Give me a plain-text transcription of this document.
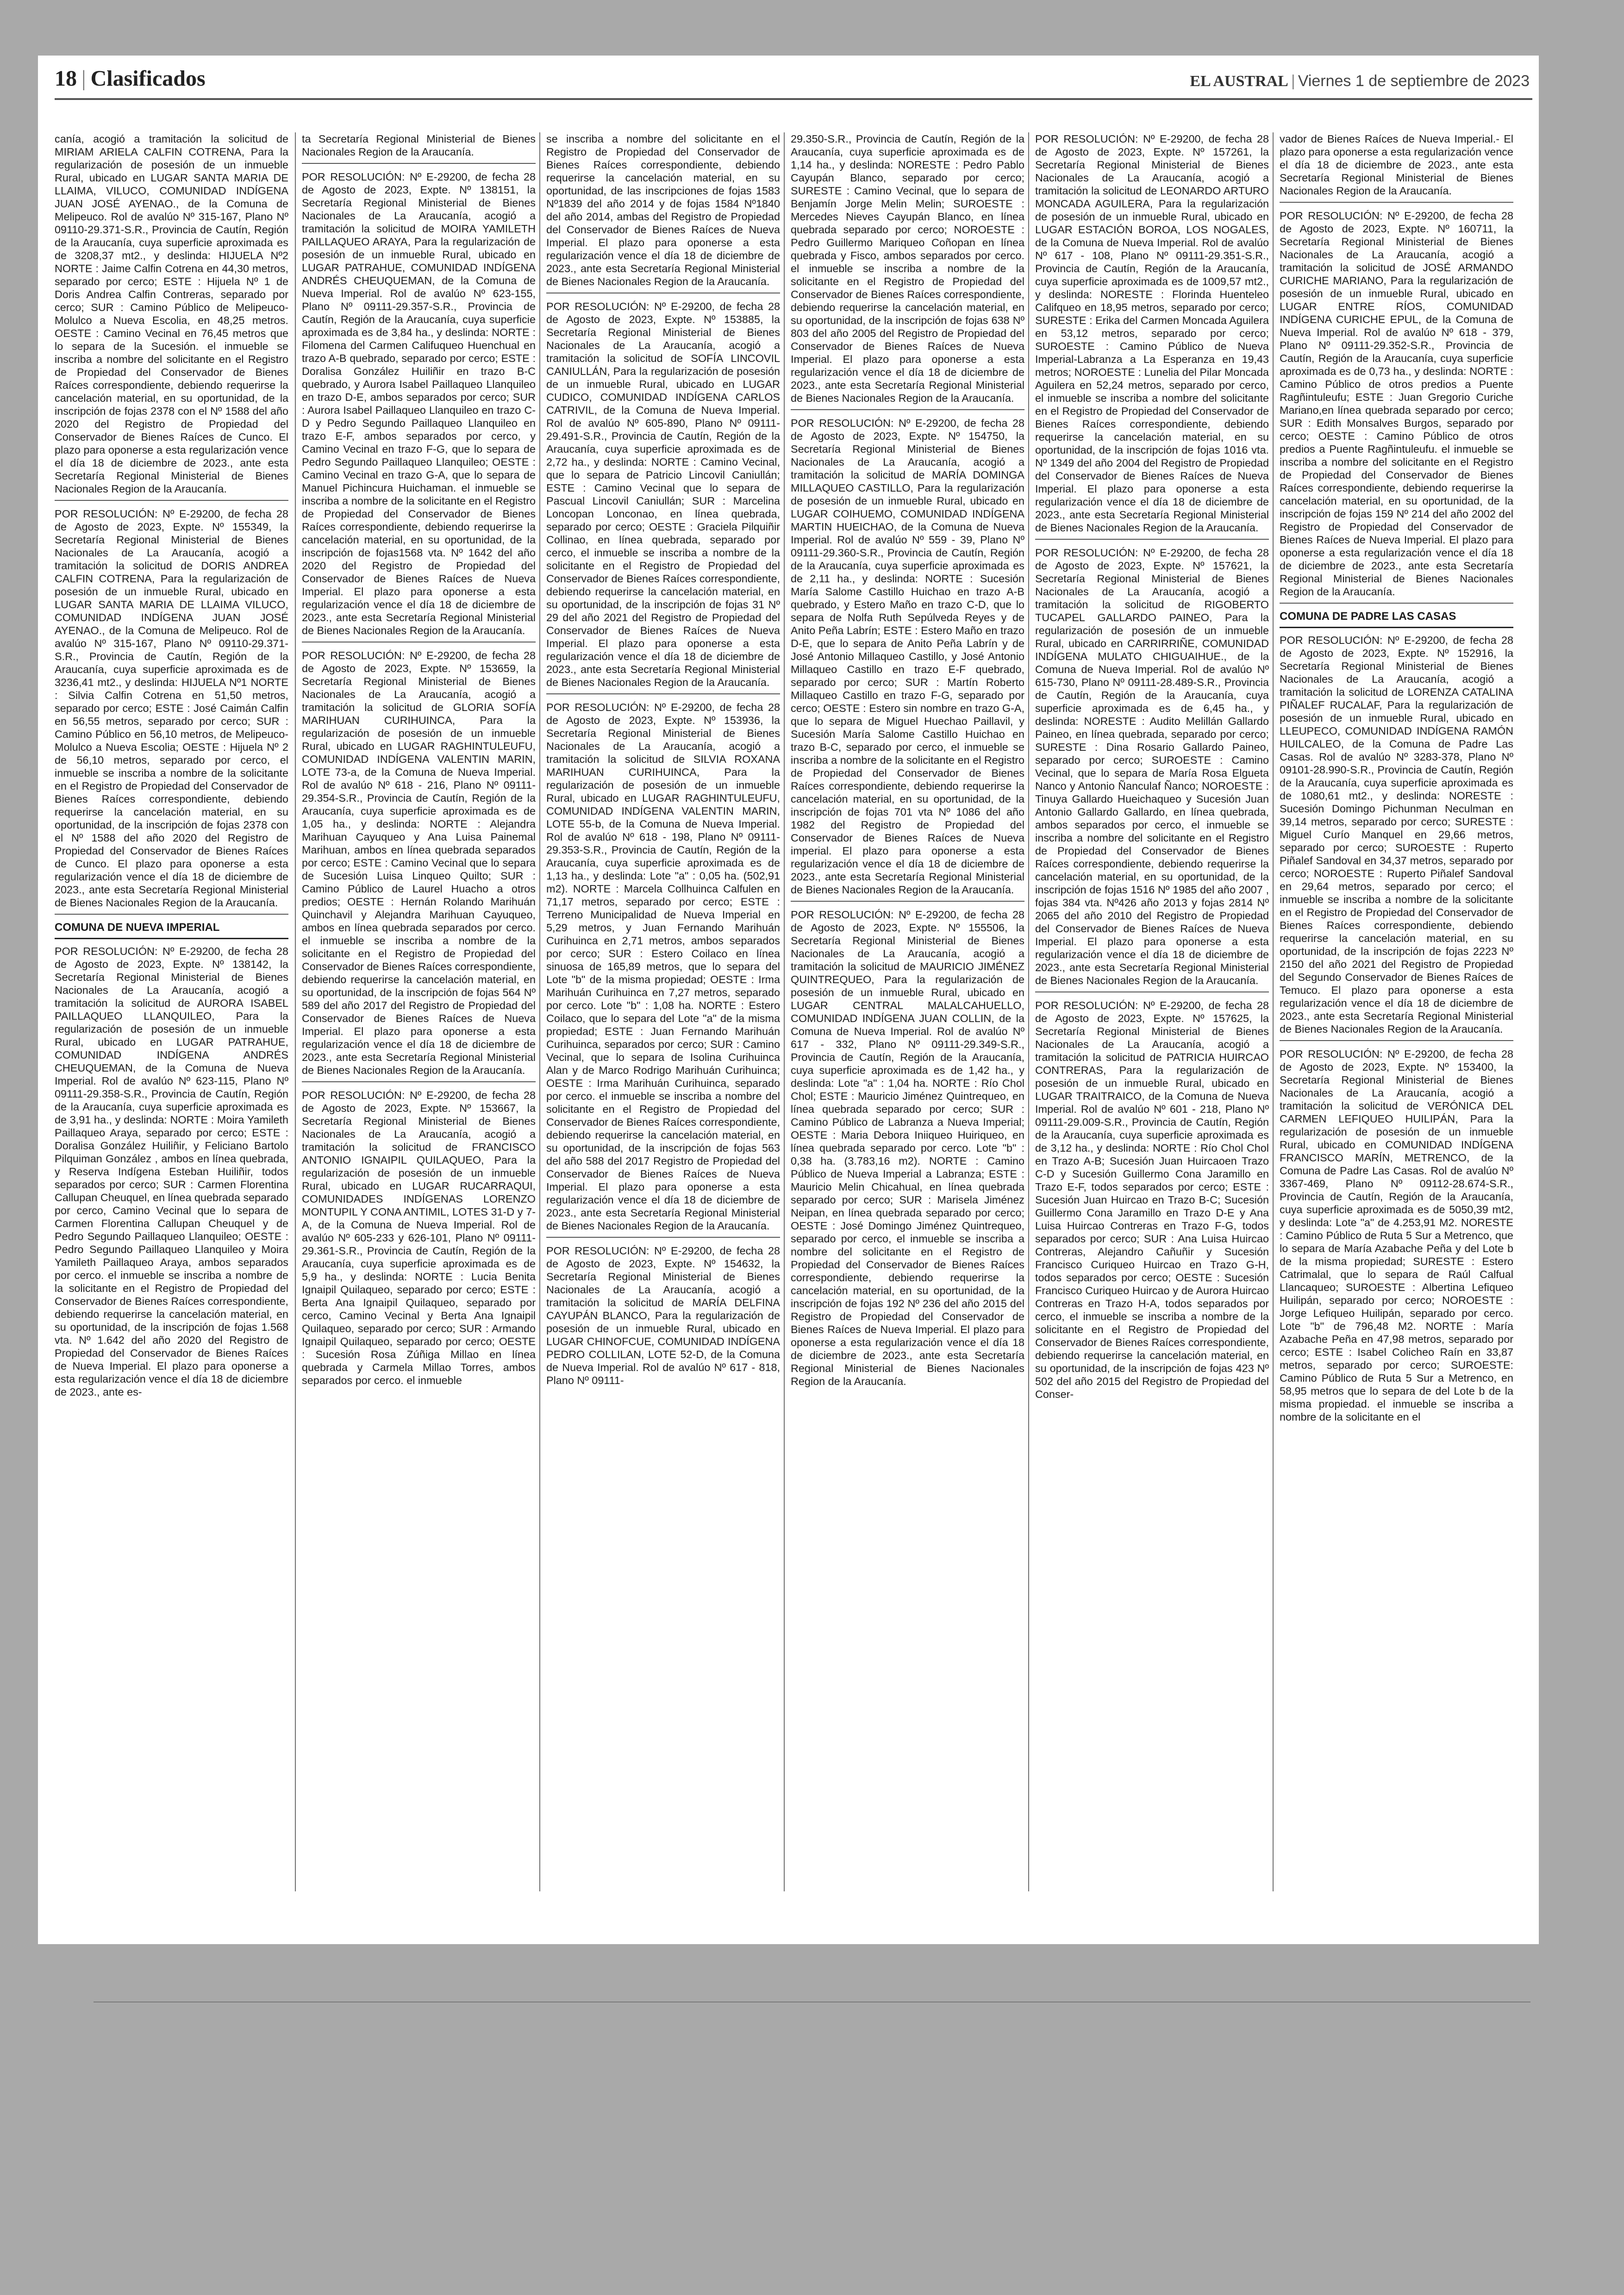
18 | Clasificados	EL AUSTRAL | Viernes 1 de septiembre de 2023
canía, acogió a tramitación la solicitud de MIRIAM ARIELA CALFIN COTRENA, Para la regularización de posesión de un inmueble Rural, ubicado en LUGAR SANTA MARIA DE LLAIMA, VILUCO, COMUNIDAD INDÍGENA JUAN JOSÉ AYENAO., de la Comuna de Melipeuco. Rol de avalúo Nº 315-167, Plano Nº 09110-29.371-S.R., Provincia de Cautín, Región de la Araucanía, cuya superficie aproximada es de 3208,37 mt2., y deslinda: HIJUELA Nº2 NORTE : Jaime Calfin Cotrena en 44,30 metros, separado por cerco; ESTE : Hijuela Nº 1 de Doris Andrea Calfin Contreras, separado por cerco; SUR : Camino Público de Melipeuco-Molulco a Nueva Escolia, en 48,25 metros. OESTE : Camino Vecinal en 76,45 metros que lo separa de la Sucesión. el inmueble se inscriba a nombre del solicitante en el Registro de Propiedad del Conservador de Bienes Raíces correspondiente, debiendo requerirse la cancelación material, en su oportunidad, de la inscripción de fojas 2378 con el Nº 1588 del año 2020 del Registro de Propiedad del Conservador de Bienes Raíces de Cunco. El plazo para oponerse a esta regularización vence el día 18 de diciembre de 2023., ante esta Secretaría Regional Ministerial de Bienes Nacionales Region de la Araucanía.
POR RESOLUCIÓN: Nº E-29200, de fecha 28 de Agosto de 2023, Expte. Nº 155349, la Secretaría Regional Ministerial de Bienes Nacionales de La Araucanía, acogió a tramitación la solicitud de DORIS ANDREA CALFIN COTRENA, Para la regularización de posesión de un inmueble Rural, ubicado en LUGAR SANTA MARIA DE LLAIMA VILUCO, COMUNIDAD INDÍGENA JUAN JOSÉ AYENAO., de la Comuna de Melipeuco. Rol de avalúo Nº 315-167, Plano Nº 09110-29.371-S.R., Provincia de Cautín, Región de la Araucanía, cuya superficie aproximada es de 3236,41 mt2., y deslinda: HIJUELA Nº1 NORTE : Silvia Calfin Cotrena en 51,50 metros, separado por cerco; ESTE : José Caimán Calfin en 56,55 metros, separado por cerco; SUR : Camino Público en 56,10 metros, de Melipeuco-Molulco a Nueva Escolia; OESTE : Hijuela Nº 2 de 56,10 metros, separado por cerco, el inmueble se inscriba a nombre de la solicitante en el Registro de Propiedad del Conservador de Bienes Raíces correspondiente, debiendo requerirse la cancelación material, en su oportunidad, de la inscripción de fojas 2378 con el Nº 1588 del año 2020 del Registro de Propiedad del Conservador de Bienes Raíces de Cunco. El plazo para oponerse a esta regularización vence el día 18 de diciembre de 2023., ante esta Secretaría Regional Ministerial de Bienes Nacionales Region de la Araucanía.
COMUNA DE NUEVA IMPERIAL
POR RESOLUCIÓN: Nº E-29200, de fecha 28 de Agosto de 2023, Expte. Nº 138142, la Secretaría Regional Ministerial de Bienes Nacionales de La Araucanía, acogió a tramitación la solicitud de AURORA ISABEL PAILLAQUEO LLANQUILEO, Para la regularización de posesión de un inmueble Rural, ubicado en LUGAR PATRAHUE, COMUNIDAD INDÍGENA ANDRÉS CHEUQUEMAN, de la Comuna de Nueva Imperial. Rol de avalúo Nº 623-115, Plano Nº 09111-29.358-S.R., Provincia de Cautín, Región de la Araucanía, cuya superficie aproximada es de 3,91 ha., y deslinda: NORTE : Moira Yamileth Paillaqueo Araya, separado por cerco; ESTE : Doralisa González Huiliñir, y Feliciano Bartolo Pilquiman González , ambos en línea quebrada, y Reserva Indígena Esteban Huiliñir, todos separados por cerco; SUR : Carmen Florentina Callupan Cheuquel, en línea quebrada separado por cerco, Camino Vecinal que lo separa de Carmen Florentina Callupan Cheuquel y de Pedro Segundo Paillaqueo Llanquileo; OESTE : Pedro Segundo Paillaqueo Llanquileo y Moira Yamileth Paillaqueo Araya, ambos separados por cerco. el inmueble se inscriba a nombre de la solicitante en el Registro de Propiedad del Conservador de Bienes Raíces correspondiente, debiendo requerirse la cancelación material, en su oportunidad, de la inscripción de fojas 1.568 vta. Nº 1.642 del año 2020 del Registro de Propiedad del Conservador de Bienes Raíces de Nueva Imperial. El plazo para oponerse a esta regularización vence el día 18 de diciembre de 2023., ante es-
ta Secretaría Regional Ministerial de Bienes Nacionales Region de la Araucanía.
POR RESOLUCIÓN: Nº E-29200, de fecha 28 de Agosto de 2023, Expte. Nº 138151, la Secretaría Regional Ministerial de Bienes Nacionales de La Araucanía, acogió a tramitación la solicitud de MOIRA YAMILETH PAILLAQUEO ARAYA, Para la regularización de posesión de un inmueble Rural, ubicado en LUGAR PATRAHUE, COMUNIDAD INDÍGENA ANDRÉS CHEUQUEMAN, de la Comuna de Nueva Imperial. Rol de avalúo Nº 623-155, Plano Nº 09111-29.357-S.R., Provincia de Cautín, Región de la Araucanía, cuya superficie aproximada es de 3,84 ha., y deslinda: NORTE : Filomena del Carmen Califuqueo Huenchual en trazo A-B quebrado, separado por cerco; ESTE : Doralisa González Huiliñir en trazo B-C quebrado, y Aurora Isabel Paillaqueo Llanquileo en trazo D-E, ambos separados por cerco; SUR : Aurora Isabel Paillaqueo Llanquileo en trazo C-D y Pedro Segundo Paillaqueo Llanquileo en trazo E-F, ambos separados por cerco, y Camino Vecinal en trazo F-G, que lo separa de Pedro Segundo Paillaqueo Llanquileo; OESTE : Camino Vecinal en trazo G-A, que lo separa de Manuel Pichincura Huichaman. el inmueble se inscriba a nombre de la solicitante en el Registro de Propiedad del Conservador de Bienes Raíces correspondiente, debiendo requerirse la cancelación material, en su oportunidad, de la inscripción de fojas1568 vta. Nº 1642 del año 2020 del Registro de Propiedad del Conservador de Bienes Raíces de Nueva Imperial. El plazo para oponerse a esta regularización vence el día 18 de diciembre de 2023., ante esta Secretaría Regional Ministerial de Bienes Nacionales Region de la Araucanía.
POR RESOLUCIÓN: Nº E-29200, de fecha 28 de Agosto de 2023, Expte. Nº 153659, la Secretaría Regional Ministerial de Bienes Nacionales de La Araucanía, acogió a tramitación la solicitud de GLORIA SOFÍA MARIHUAN CURIHUINCA, Para la regularización de posesión de un inmueble Rural, ubicado en LUGAR RAGHINTULEUFU, COMUNIDAD INDÍGENA VALENTIN MARIN, LOTE 73-a, de la Comuna de Nueva Imperial. Rol de avalúo Nº 618 - 216, Plano Nº 09111-29.354-S.R., Provincia de Cautín, Región de la Araucanía, cuya superficie aproximada es de 1,05 ha., y deslinda: NORTE : Alejandra Marihuan Cayuqueo y Ana Luisa Painemal Marihuan, ambos en línea quebrada separados por cerco; ESTE : Camino Vecinal que lo separa de Sucesión Luisa Linqueo Quilto; SUR : Camino Público de Laurel Huacho a otros predios; OESTE : Hernán Rolando Marihuán Quinchavil y Alejandra Marihuan Cayuqueo, ambos en línea quebrada separados por cerco. el inmueble se inscriba a nombre de la solicitante en el Registro de Propiedad del Conservador de Bienes Raíces correspondiente, debiendo requerirse la cancelación material, en su oportunidad, de la inscripción de fojas 564 Nº 589 del año 2017 del Registro de Propiedad del Conservador de Bienes Raíces de Nueva Imperial. El plazo para oponerse a esta regularización vence el día 18 de diciembre de 2023., ante esta Secretaría Regional Ministerial de Bienes Nacionales Region de la Araucanía.
POR RESOLUCIÓN: Nº E-29200, de fecha 28 de Agosto de 2023, Expte. Nº 153667, la Secretaría Regional Ministerial de Bienes Nacionales de La Araucanía, acogió a tramitación la solicitud de FRANCISCO ANTONIO IGNAIPIL QUILAQUEO, Para la regularización de posesión de un inmueble Rural, ubicado en LUGAR RUCARRAQUI, COMUNIDADES INDÍGENAS LORENZO MONTUPIL Y CONA ANTIMIL, LOTES 31-D y 7-A, de la Comuna de Nueva Imperial. Rol de avalúo Nº 605-233 y 626-101, Plano Nº 09111-29.361-S.R., Provincia de Cautín, Región de la Araucanía, cuya superficie aproximada es de 5,9 ha., y deslinda: NORTE : Lucia Benita Ignaipil Quilaqueo, separado por cerco; ESTE : Berta Ana Ignaipil Quilaqueo, separado por cerco, Camino Vecinal y Berta Ana Ignaipil Quilaqueo, separado por cerco; SUR : Armando Ignaipil Quilaqueo, separado por cerco; OESTE : Sucesión Rosa Zúñiga Millao en línea quebrada y Carmela Millao Torres, ambos separados por cerco. el inmueble
se inscriba a nombre del solicitante en el Registro de Propiedad del Conservador de Bienes Raíces correspondiente, debiendo requerirse la cancelación material, en su oportunidad, de las inscripciones de fojas 1583 Nº1839 del año 2014 y de fojas 1584 Nº1840 del año 2014, ambas del Registro de Propiedad del Conservador de Bienes Raíces de Nueva Imperial. El plazo para oponerse a esta regularización vence el día 18 de diciembre de 2023., ante esta Secretaría Regional Ministerial de Bienes Nacionales Region de la Araucanía.
POR RESOLUCIÓN: Nº E-29200, de fecha 28 de Agosto de 2023, Expte. Nº 153885, la Secretaría Regional Ministerial de Bienes Nacionales de La Araucanía, acogió a tramitación la solicitud de SOFÍA LINCOVIL CANIULLÁN, Para la regularización de posesión de un inmueble Rural, ubicado en LUGAR CUDICO, COMUNIDAD INDÍGENA CARLOS CATRIVIL, de la Comuna de Nueva Imperial. Rol de avalúo Nº 605-890, Plano Nº 09111-29.491-S.R., Provincia de Cautín, Región de la Araucanía, cuya superficie aproximada es de 2,72 ha., y deslinda: NORTE : Camino Vecinal, que lo separa de Patricio Lincovil Caniullán; ESTE : Camino Vecinal que lo separa de Pascual Lincovil Caniullán; SUR : Marcelina Loncopan Lonconao, en línea quebrada, separado por cerco; OESTE : Graciela Pilquiñir Collinao, en línea quebrada, separado por cerco, el inmueble se inscriba a nombre de la solicitante en el Registro de Propiedad del Conservador de Bienes Raíces correspondiente, debiendo requerirse la cancelación material, en su oportunidad, de la inscripción de fojas 31 Nº 29 del año 2021 del Registro de Propiedad del Conservador de Bienes Raíces de Nueva Imperial. El plazo para oponerse a esta regularización vence el día 18 de diciembre de 2023., ante esta Secretaría Regional Ministerial de Bienes Nacionales Region de la Araucanía.
POR RESOLUCIÓN: Nº E-29200, de fecha 28 de Agosto de 2023, Expte. Nº 153936, la Secretaría Regional Ministerial de Bienes Nacionales de La Araucanía, acogió a tramitación la solicitud de SILVIA ROXANA MARIHUAN CURIHUINCA, Para la regularización de posesión de un inmueble Rural, ubicado en LUGAR RAGHINTULEUFU, COMUNIDAD INDÍGENA VALENTIN MARIN, LOTE 55-b, de la Comuna de Nueva Imperial. Rol de avalúo Nº 618 - 198, Plano Nº 09111-29.353-S.R., Provincia de Cautín, Región de la Araucanía, cuya superficie aproximada es de 1,13 ha., y deslinda: Lote "a" : 0,05 ha. (502,91 m2). NORTE : Marcela Collhuinca Calfulen en 71,17 metros, separado por cerco; ESTE : Terreno Municipalidad de Nueva Imperial en 5,29 metros, y Juan Fernando Marihuán Curihuinca en 2,71 metros, ambos separados por cerco; SUR : Estero Coilaco en línea sinuosa de 165,89 metros, que lo separa del Lote "b" de la misma propiedad; OESTE : Irma Marihuán Curihuinca en 7,27 metros, separado por cerco. Lote "b" : 1,08 ha. NORTE : Estero Coilaco, que lo separa del Lote "a" de la misma propiedad; ESTE : Juan Fernando Marihuán Curihuinca, separados por cerco; SUR : Camino Vecinal, que lo separa de Isolina Curihuinca Alan y de Marco Rodrigo Marihuán Curihuinca; OESTE : Irma Marihuán Curihuinca, separado por cerco. el inmueble se inscriba a nombre del solicitante en el Registro de Propiedad del Conservador de Bienes Raíces correspondiente, debiendo requerirse la cancelación material, en su oportunidad, de la inscripción de fojas 563 del año 588 del 2017 Registro de Propiedad del Conservador de Bienes Raíces de Nueva Imperial. El plazo para oponerse a esta regularización vence el día 18 de diciembre de 2023., ante esta Secretaría Regional Ministerial de Bienes Nacionales Region de la Araucanía.
POR RESOLUCIÓN: Nº E-29200, de fecha 28 de Agosto de 2023, Expte. Nº 154632, la Secretaría Regional Ministerial de Bienes Nacionales de La Araucanía, acogió a tramitación la solicitud de MARÍA DELFINA CAYUPÁN BLANCO, Para la regularización de posesión de un inmueble Rural, ubicado en LUGAR CHINOFCUE, COMUNIDAD INDÍGENA PEDRO COLLILAN, LOTE 52-D, de la Comuna de Nueva Imperial. Rol de avalúo Nº 617 - 818, Plano Nº 09111-
29.350-S.R., Provincia de Cautín, Región de la Araucanía, cuya superficie aproximada es de 1,14 ha., y deslinda: NORESTE : Pedro Pablo Cayupán Blanco, separado por cerco; SURESTE : Camino Vecinal, que lo separa de Benjamín Jorge Melin Melin; SUROESTE : Mercedes Nieves Cayupán Blanco, en línea quebrada separado por cerco; NOROESTE : Pedro Guillermo Mariqueo Coñopan en línea quebrada y Fisco, ambos separados por cerco. el inmueble se inscriba a nombre de la solicitante en el Registro de Propiedad del Conservador de Bienes Raíces correspondiente, debiendo requerirse la cancelación material, en su oportunidad, de la inscripción de fojas 638 Nº 803 del año 2005 del Registro de Propiedad del Conservador de Bienes Raíces de Nueva Imperial. El plazo para oponerse a esta regularización vence el día 18 de diciembre de 2023., ante esta Secretaría Regional Ministerial de Bienes Nacionales Region de la Araucanía.
POR RESOLUCIÓN: Nº E-29200, de fecha 28 de Agosto de 2023, Expte. Nº 154750, la Secretaría Regional Ministerial de Bienes Nacionales de La Araucanía, acogió a tramitación la solicitud de MARÍA DOMINGA MILLAQUEO CASTILLO, Para la regularización de posesión de un inmueble Rural, ubicado en LUGAR COIHUEMO, COMUNIDAD INDÍGENA MARTIN HUEICHAO, de la Comuna de Nueva Imperial. Rol de avalúo Nº 559 - 39, Plano Nº 09111-29.360-S.R., Provincia de Cautín, Región de la Araucanía, cuya superficie aproximada es de 2,11 ha., y deslinda: NORTE : Sucesión María Salome Castillo Huichao en trazo A-B quebrado, y Estero Maño en trazo C-D, que lo separa de Nolfa Ruth Sepúlveda Reyes y de Anito Peña Labrín; ESTE : Estero Maño en trazo D-E, que lo separa de Anito Peña Labrín y de José Antonio Millaqueo Castillo, y José Antonio Millaqueo Castillo en trazo E-F quebrado, separado por cerco; SUR : Martín Roberto Millaqueo Castillo en trazo F-G, separado por cerco; OESTE : Estero sin nombre en trazo G-A, que lo separa de Miguel Huechao Paillavil, y Sucesión María Salome Castillo Huichao en trazo B-C, separado por cerco, el inmueble se inscriba a nombre de la solicitante en el Registro de Propiedad del Conservador de Bienes Raíces correspondiente, debiendo requerirse la cancelación material, en su oportunidad, de la inscripción de fojas 701 vta Nº 1086 del año 1982 del Registro de Propiedad del Conservador de Bienes Raíces de Nueva imperial. El plazo para oponerse a esta regularización vence el día 18 de diciembre de 2023., ante esta Secretaría Regional Ministerial de Bienes Nacionales Region de la Araucanía.
POR RESOLUCIÓN: Nº E-29200, de fecha 28 de Agosto de 2023, Expte. Nº 155506, la Secretaría Regional Ministerial de Bienes Nacionales de La Araucanía, acogió a tramitación la solicitud de MAURICIO JIMÉNEZ QUINTREQUEO, Para la regularización de posesión de un inmueble Rural, ubicado en LUGAR CENTRAL MALALCAHUELLO, COMUNIDAD INDÍGENA JUAN COLLIN, de la Comuna de Nueva Imperial. Rol de avalúo Nº 617 - 332, Plano Nº 09111-29.349-S.R., Provincia de Cautín, Región de la Araucanía, cuya superficie aproximada es de 1,42 ha., y deslinda: Lote "a" : 1,04 ha. NORTE : Río Chol Chol; ESTE : Mauricio Jiménez Quintrequeo, en línea quebrada separado por cerco; SUR : Camino Público de Labranza a Nueva Imperial; OESTE : Maria Debora Iniiqueo Huiriqueo, en línea quebrada separado por cerco. Lote "b" : 0,38 ha. (3.783,16 m2). NORTE : Camino Público de Nueva Imperial a Labranza; ESTE : Mauricio Melin Chicahual, en línea quebrada separado por cerco; SUR : Marisela Jiménez Neipan, en línea quebrada separado por cerco; OESTE : José Domingo Jiménez Quintrequeo, separado por cerco, el inmueble se inscriba a nombre del solicitante en el Registro de Propiedad del Conservador de Bienes Raíces correspondiente, debiendo requerirse la cancelación material, en su oportunidad, de la inscripción de fojas 192 Nº 236 del año 2015 del Registro de Propiedad del Conservador de Bienes Raíces de Nueva Imperial. El plazo para oponerse a esta regularización vence el día 18 de diciembre de 2023., ante esta Secretaría Regional Ministerial de Bienes Nacionales Region de la Araucanía.
POR RESOLUCIÓN: Nº E-29200, de fecha 28 de Agosto de 2023, Expte. Nº 157261, la Secretaría Regional Ministerial de Bienes Nacionales de La Araucanía, acogió a tramitación la solicitud de LEONARDO ARTURO MONCADA AGUILERA, Para la regularización de posesión de un inmueble Rural, ubicado en LUGAR ESTACIÓN BOROA, LOS NOGALES, de la Comuna de Nueva Imperial. Rol de avalúo Nº 617 - 108, Plano Nº 09111-29.351-S.R., Provincia de Cautín, Región de la Araucanía, cuya superficie aproximada es de 1009,57 mt2., y deslinda: NORESTE : Florinda Huenteleo Califqueo en 18,95 metros, separado por cerco; SURESTE : Erika del Carmen Moncada Aguilera en 53,12 metros, separado por cerco; SUROESTE : Camino Público de Nueva Imperial-Labranza a La Esperanza en 19,43 metros; NOROESTE : Lunelia del Pilar Moncada Aguilera en 52,24 metros, separado por cerco, el inmueble se inscriba a nombre del solicitante en el Registro de Propiedad del Conservador de Bienes Raíces correspondiente, debiendo requerirse la cancelación material, en su oportunidad, de la inscripción de fojas 1016 vta. Nº 1349 del año 2004 del Registro de Propiedad del Conservador de Bienes Raíces de Nueva Imperial. El plazo para oponerse a esta regularización vence el día 18 de diciembre de 2023., ante esta Secretaría Regional Ministerial de Bienes Nacionales Region de la Araucanía.
POR RESOLUCIÓN: Nº E-29200, de fecha 28 de Agosto de 2023, Expte. Nº 157621, la Secretaría Regional Ministerial de Bienes Nacionales de La Araucanía, acogió a tramitación la solicitud de RIGOBERTO TUCAPEL GALLARDO PAINEO, Para la regularización de posesión de un inmueble Rural, ubicado en CARRIRRIÑE, COMUNIDAD INDÍGENA MULATO CHIGUAIHUE., de la Comuna de Nueva Imperial. Rol de avalúo Nº 615-730, Plano Nº 09111-28.489-S.R., Provincia de Cautín, Región de la Araucanía, cuya superficie aproximada es de 6,45 ha., y deslinda: NORESTE : Audito Melillán Gallardo Paineo, en línea quebrada, separado por cerco; SURESTE : Dina Rosario Gallardo Paineo, separado por cerco; SUROESTE : Camino Vecinal, que lo separa de María Rosa Elgueta Nanco y Antonio Ñanculaf Ñanco; NOROESTE : Tinuya Gallardo Hueichaqueo y Sucesión Juan Antonio Gallardo Gallardo, en línea quebrada, ambos separados por cerco, el inmueble se inscriba a nombre del solicitante en el Registro de Propiedad del Conservador de Bienes Raíces correspondiente, debiendo requerirse la cancelación material, en su oportunidad, de la inscripción de fojas 1516 Nº 1985 del año 2007 , fojas 384 vta. Nº426 año 2013 y fojas 2814 Nº 2065 del año 2010 del Registro de Propiedad del Conservador de Bienes Raíces de Nueva Imperial. El plazo para oponerse a esta regularización vence el día 18 de diciembre de 2023., ante esta Secretaría Regional Ministerial de Bienes Nacionales Region de la Araucanía.
POR RESOLUCIÓN: Nº E-29200, de fecha 28 de Agosto de 2023, Expte. Nº 157625, la Secretaría Regional Ministerial de Bienes Nacionales de La Araucanía, acogió a tramitación la solicitud de PATRICIA HUIRCAO CONTRERAS, Para la regularización de posesión de un inmueble Rural, ubicado en LUGAR TRAITRAICO, de la Comuna de Nueva Imperial. Rol de avalúo Nº 601 - 218, Plano Nº 09111-29.009-S.R., Provincia de Cautín, Región de la Araucanía, cuya superficie aproximada es de 3,12 ha., y deslinda: NORTE : Río Chol Chol en Trazo A-B; Sucesión Juan Huircaoen Trazo C-D y Sucesión Guillermo Cona Jaramillo en Trazo E-F, todos separados por cerco; ESTE : Sucesión Juan Huircao en Trazo B-C; Sucesión Guillermo Cona Jaramillo en Trazo D-E y Ana Luisa Huircao Contreras en Trazo F-G, todos separados por cerco; SUR : Ana Luisa Huircao Contreras, Alejandro Cañuñir y Sucesión Francisco Curiqueo Huircao en Trazo G-H, todos separados por cerco; OESTE : Sucesión Francisco Curiqueo Huircao y de Aurora Huircao Contreras en Trazo H-A, todos separados por cerco, el inmueble se inscriba a nombre de la solicitante en el Registro de Propiedad del Conservador de Bienes Raíces correspondiente, debiendo requerirse la cancelación material, en su oportunidad, de la inscripción de fojas 423 Nº 502 del año 2015 del Registro de Propiedad del Conser-
vador de Bienes Raíces de Nueva Imperial.- El plazo para oponerse a esta regularización vence el día 18 de diciembre de 2023., ante esta Secretaría Regional Ministerial de Bienes Nacionales Region de la Araucanía.
POR RESOLUCIÓN: Nº E-29200, de fecha 28 de Agosto de 2023, Expte. Nº 160711, la Secretaría Regional Ministerial de Bienes Nacionales de La Araucanía, acogió a tramitación la solicitud de JOSÉ ARMANDO CURICHE MARIANO, Para la regularización de posesión de un inmueble Rural, ubicado en LUGAR ENTRE RÍOS, COMUNIDAD INDÍGENA CURICHE EPUL, de la Comuna de Nueva Imperial. Rol de avalúo Nº 618 - 379, Plano Nº 09111-29.352-S.R., Provincia de Cautín, Región de la Araucanía, cuya superficie aproximada es de 0,73 ha., y deslinda: NORTE : Camino Público de otros predios a Puente Ragñintuleufu; ESTE : Juan Gregorio Curiche Mariano,en línea quebrada separado por cerco; SUR : Edith Monsalves Burgos, separado por cerco; OESTE : Camino Público de otros predios a Puente Ragñintuleufu. el inmueble se inscriba a nombre del solicitante en el Registro de Propiedad del Conservador de Bienes Raíces correspondiente, debiendo requerirse la cancelación material, en su oportunidad, de la inscripción de fojas 159 Nº 214 del año 2002 del Registro de Propiedad del Conservador de Bienes Raíces de Nueva Imperial. El plazo para oponerse a esta regularización vence el día 18 de diciembre de 2023., ante esta Secretaría Regional Ministerial de Bienes Nacionales Region de la Araucanía.
COMUNA DE PADRE LAS CASAS
POR RESOLUCIÓN: Nº E-29200, de fecha 28 de Agosto de 2023, Expte. Nº 152916, la Secretaría Regional Ministerial de Bienes Nacionales de La Araucanía, acogió a tramitación la solicitud de LORENZA CATALINA PIÑALEF RUCALAF, Para la regularización de posesión de un inmueble Rural, ubicado en LLEUPECO, COMUNIDAD INDÍGENA RAMÓN HUILCALEO, de la Comuna de Padre Las Casas. Rol de avalúo Nº 3283-378, Plano Nº 09101-28.990-S.R., Provincia de Cautín, Región de la Araucanía, cuya superficie aproximada es de 1080,61 mt2., y deslinda: NORESTE : Sucesión Domingo Pichunman Neculman en 39,14 metros, separado por cerco; SURESTE : Miguel Curío Manquel en 29,66 metros, separado por cerco; SUROESTE : Ruperto Piñalef Sandoval en 34,37 metros, separado por cerco; NOROESTE : Ruperto Piñalef Sandoval en 29,64 metros, separado por cerco; el inmueble se inscriba a nombre de la solicitante en el Registro de Propiedad del Conservador de Bienes Raíces correspondiente, debiendo requerirse la cancelación material, en su oportunidad, de la inscripción de fojas 2223 Nº 2150 del año 2021 del Registro de Propiedad del Segundo Conservador de Bienes Raíces de Temuco. El plazo para oponerse a esta regularización vence el día 18 de diciembre de 2023., ante esta Secretaría Regional Ministerial de Bienes Nacionales Region de la Araucanía.
POR RESOLUCIÓN: Nº E-29200, de fecha 28 de Agosto de 2023, Expte. Nº 153400, la Secretaría Regional Ministerial de Bienes Nacionales de La Araucanía, acogió a tramitación la solicitud de VERÓNICA DEL CARMEN LEFIQUEO HUILIPÁN, Para la regularización de posesión de un inmueble Rural, ubicado en COMUNIDAD INDÍGENA FRANCISCO MARÍN, METRENCO, de la Comuna de Padre Las Casas. Rol de avalúo Nº 3367-469, Plano Nº 09112-28.674-S.R., Provincia de Cautín, Región de la Araucanía, cuya superficie aproximada es de 5050,39 mt2, y deslinda: Lote "a" de 4.253,91 M2. NORESTE : Camino Público de Ruta 5 Sur a Metrenco, que lo separa de María Azabache Peña y del Lote b de la misma propiedad; SURESTE : Estero Catrimalal, que lo separa de Raúl Calfual Llancaqueo; SUROESTE : Albertina Lefiqueo Huilipán, separado por cerco; NOROESTE : Jorge Lefiqueo Huilipán, separado por cerco. Lote "b" de 796,48 M2. NORTE : María Azabache Peña en 47,98 metros, separado por cerco; ESTE : Isabel Colicheo Raín en 33,87 metros, separado por cerco; SUROESTE: Camino Público de Ruta 5 Sur a Metrenco, en 58,95 metros que lo separa de del Lote b de la misma propiedad. el inmueble se inscriba a nombre de la solicitante en el
